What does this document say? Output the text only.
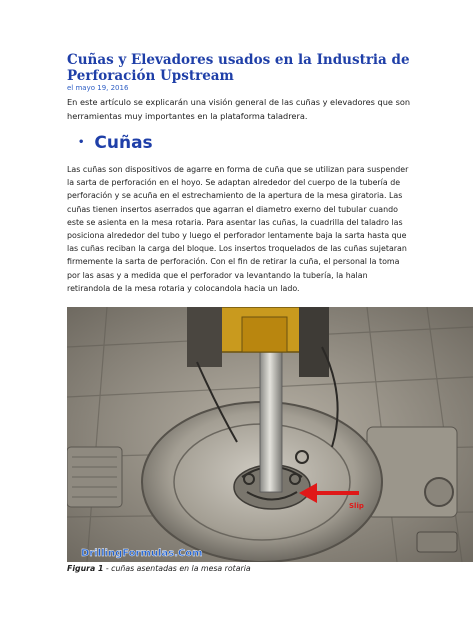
Cuñas y Elevadores usados en la Industria de Perforación Upstream
el mayo 19, 2016

En este artículo se explicarán una visión general de las cuñas y elevadores que son herramientas muy importantes en la plataforma taladrera.

• Cuñas

Las cuñas son dispositivos de agarre en forma de cuña que se utilizan para suspender la sarta de perforación en el hoyo. Se adaptan alrededor del cuerpo de la tubería de perforación y se acuña en el estrechamiento de la apertura de la mesa giratoria. Las cuñas tienen insertos aserrados que agarran el diametro exerno del tubular cuando este se asienta en la mesa rotaria. Para asentar las cuñas, la cuadrilla del taladro las posiciona alrededor del tubo y luego el perforador lentamente baja la sarta hasta que las cuñas reciban la carga del bloque. Los insertos troquelados de las cuñas sujetaran firmemente la sarta de perforación. Con el fin de retirar la cuña, el personal la toma por las asas y a medida que el perforador va levantando la tubería, la halan retirandola de la mesa rotaria y colocandola hacia un lado.

Slip
DrillingFormulas.Com
Figura 1 - cuñas asentadas en la mesa rotaria
